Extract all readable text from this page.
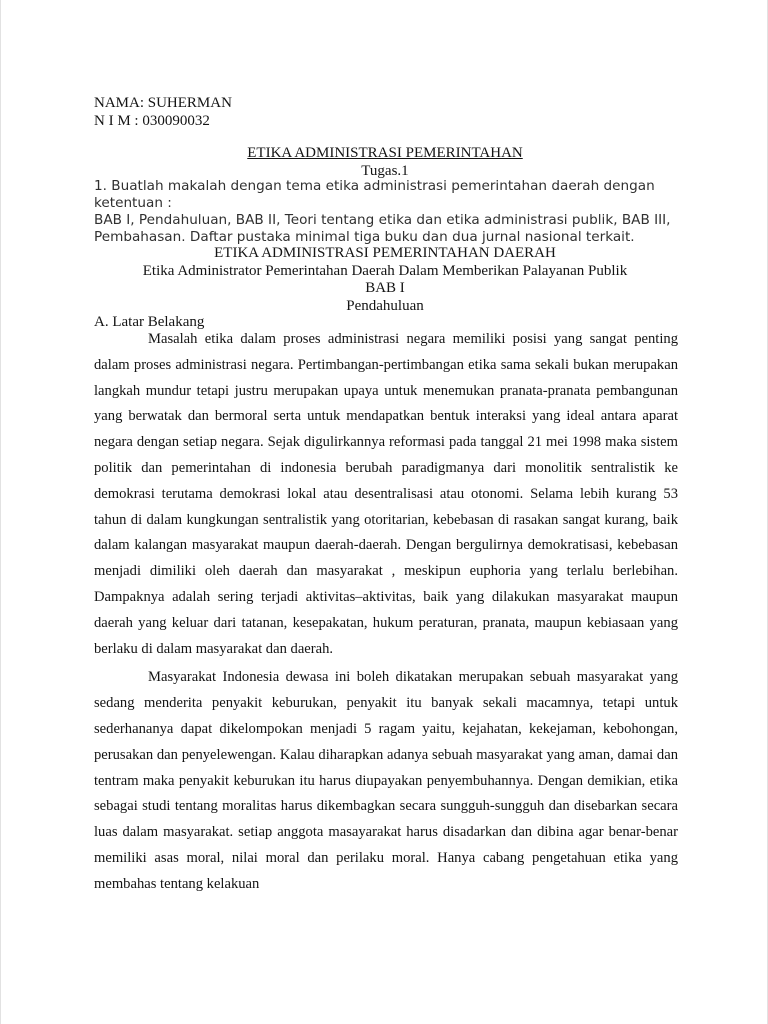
NAMA: SUHERMAN
N I M : 030090032
ETIKA ADMINISTRASI PEMERINTAHAN
Tugas.1
1. Buatlah makalah dengan tema etika administrasi pemerintahan daerah dengan ketentuan :
BAB I, Pendahuluan, BAB II, Teori tentang etika dan etika administrasi publik, BAB III,
Pembahasan. Daftar pustaka minimal tiga buku dan dua jurnal nasional terkait.
ETIKA ADMINISTRASI PEMERINTAHAN DAERAH
Etika Administrator Pemerintahan Daerah Dalam Memberikan Palayanan Publik
BAB I
Pendahuluan
A. Latar Belakang

Masalah etika dalam proses administrasi negara memiliki posisi yang sangat penting dalam proses administrasi negara. Pertimbangan-pertimbangan etika sama sekali bukan merupakan langkah mundur tetapi justru merupakan upaya untuk menemukan pranata-pranata pembangunan yang berwatak dan bermoral serta untuk mendapatkan bentuk interaksi yang ideal antara aparat negara dengan setiap negara. Sejak digulirkannya reformasi pada tanggal 21 mei 1998 maka sistem politik dan pemerintahan di indonesia berubah paradigmanya dari monolitik sentralistik ke demokrasi terutama demokrasi lokal atau desentralisasi atau otonomi. Selama lebih kurang 53 tahun di dalam kungkungan sentralistik yang otoritarian, kebebasan di rasakan sangat kurang, baik dalam kalangan masyarakat maupun daerah-daerah. Dengan bergulirnya demokratisasi, kebebasan menjadi dimiliki oleh daerah dan masyarakat , meskipun euphoria yang terlalu berlebihan. Dampaknya adalah sering terjadi aktivitas–aktivitas, baik yang dilakukan masyarakat maupun daerah yang keluar dari tatanan, kesepakatan, hukum peraturan, pranata, maupun kebiasaan yang berlaku di dalam masyarakat dan daerah.

Masyarakat Indonesia dewasa ini boleh dikatakan merupakan sebuah masyarakat yang sedang menderita penyakit keburukan, penyakit itu banyak sekali macamnya, tetapi untuk sederhananya dapat dikelompokan menjadi 5 ragam yaitu, kejahatan, kekejaman, kebohongan, perusakan dan penyelewengan. Kalau diharapkan adanya sebuah masyarakat yang aman, damai dan tentram maka penyakit keburukan itu harus diupayakan penyembuhannya. Dengan demikian, etika sebagai studi tentang moralitas harus dikembagkan secara sungguh-sungguh dan disebarkan secara luas dalam masyarakat. setiap anggota masayarakat harus disadarkan dan dibina agar benar-benar memiliki asas moral, nilai moral dan perilaku moral. Hanya cabang pengetahuan etika yang membahas tentang kelakuan
